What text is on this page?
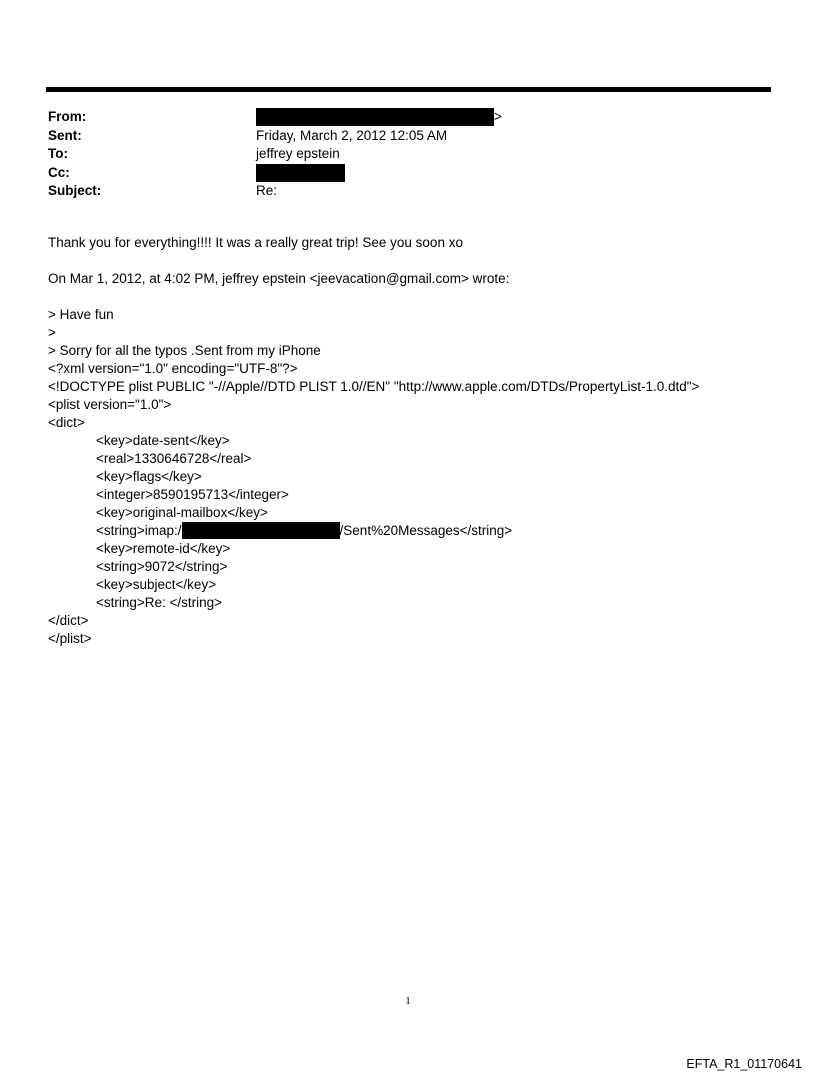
From:	>
Sent:	Friday, March 2, 2012 12:05 AM
To:	jeffrey epstein
Cc:
Subject:	Re:
Thank you for everything!!!! It was a really great trip! See you soon xo
On Mar 1, 2012, at 4:02 PM, jeffrey epstein <jeevacation@gmail.com> wrote:
> Have fun
>
> Sorry for all the typos .Sent from my iPhone
<?xml version="1.0" encoding="UTF-8"?>
<!DOCTYPE plist PUBLIC "-//Apple//DTD PLIST 1.0//EN" "http://www.apple.com/DTDs/PropertyList-1.0.dtd">
<plist version="1.0">
<dict>
<key>date-sent</key>
<real>1330646728</real>
<key>flags</key>
<integer>8590195713</integer>
<key>original-mailbox</key>
<string>imap:/	/Sent%20Messages</string>
<key>remote-id</key>
<string>9072</string>
<key>subject</key>
<string>Re: </string>
</dict>
</plist>
1
EFTA_R1_01170641
